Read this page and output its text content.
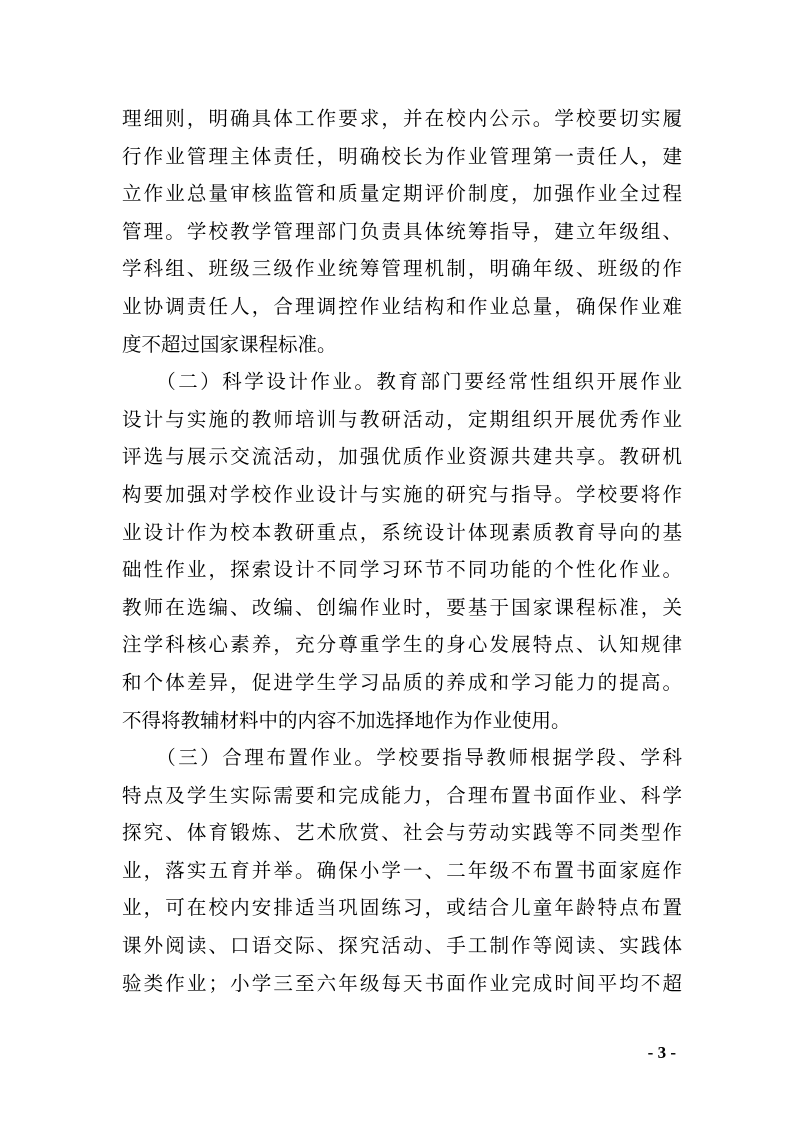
理细则，明确具体工作要求，并在校内公示。学校要切实履
行作业管理主体责任，明确校长为作业管理第一责任人，建
立作业总量审核监管和质量定期评价制度，加强作业全过程
管理。学校教学管理部门负责具体统筹指导，建立年级组、
学科组、班级三级作业统筹管理机制，明确年级、班级的作
业协调责任人，合理调控作业结构和作业总量，确保作业难
度不超过国家课程标准。
　　（二）科学设计作业。教育部门要经常性组织开展作业
设计与实施的教师培训与教研活动，定期组织开展优秀作业
评选与展示交流活动，加强优质作业资源共建共享。教研机
构要加强对学校作业设计与实施的研究与指导。学校要将作
业设计作为校本教研重点，系统设计体现素质教育导向的基
础性作业，探索设计不同学习环节不同功能的个性化作业。
教师在选编、改编、创编作业时，要基于国家课程标准，关
注学科核心素养，充分尊重学生的身心发展特点、认知规律
和个体差异，促进学生学习品质的养成和学习能力的提高。
不得将教辅材料中的内容不加选择地作为作业使用。
　　（三）合理布置作业。学校要指导教师根据学段、学科
特点及学生实际需要和完成能力，合理布置书面作业、科学
探究、体育锻炼、艺术欣赏、社会与劳动实践等不同类型作
业，落实五育并举。确保小学一、二年级不布置书面家庭作
业，可在校内安排适当巩固练习，或结合儿童年龄特点布置
课外阅读、口语交际、探究活动、手工制作等阅读、实践体
验类作业；小学三至六年级每天书面作业完成时间平均不超
- 3 -
